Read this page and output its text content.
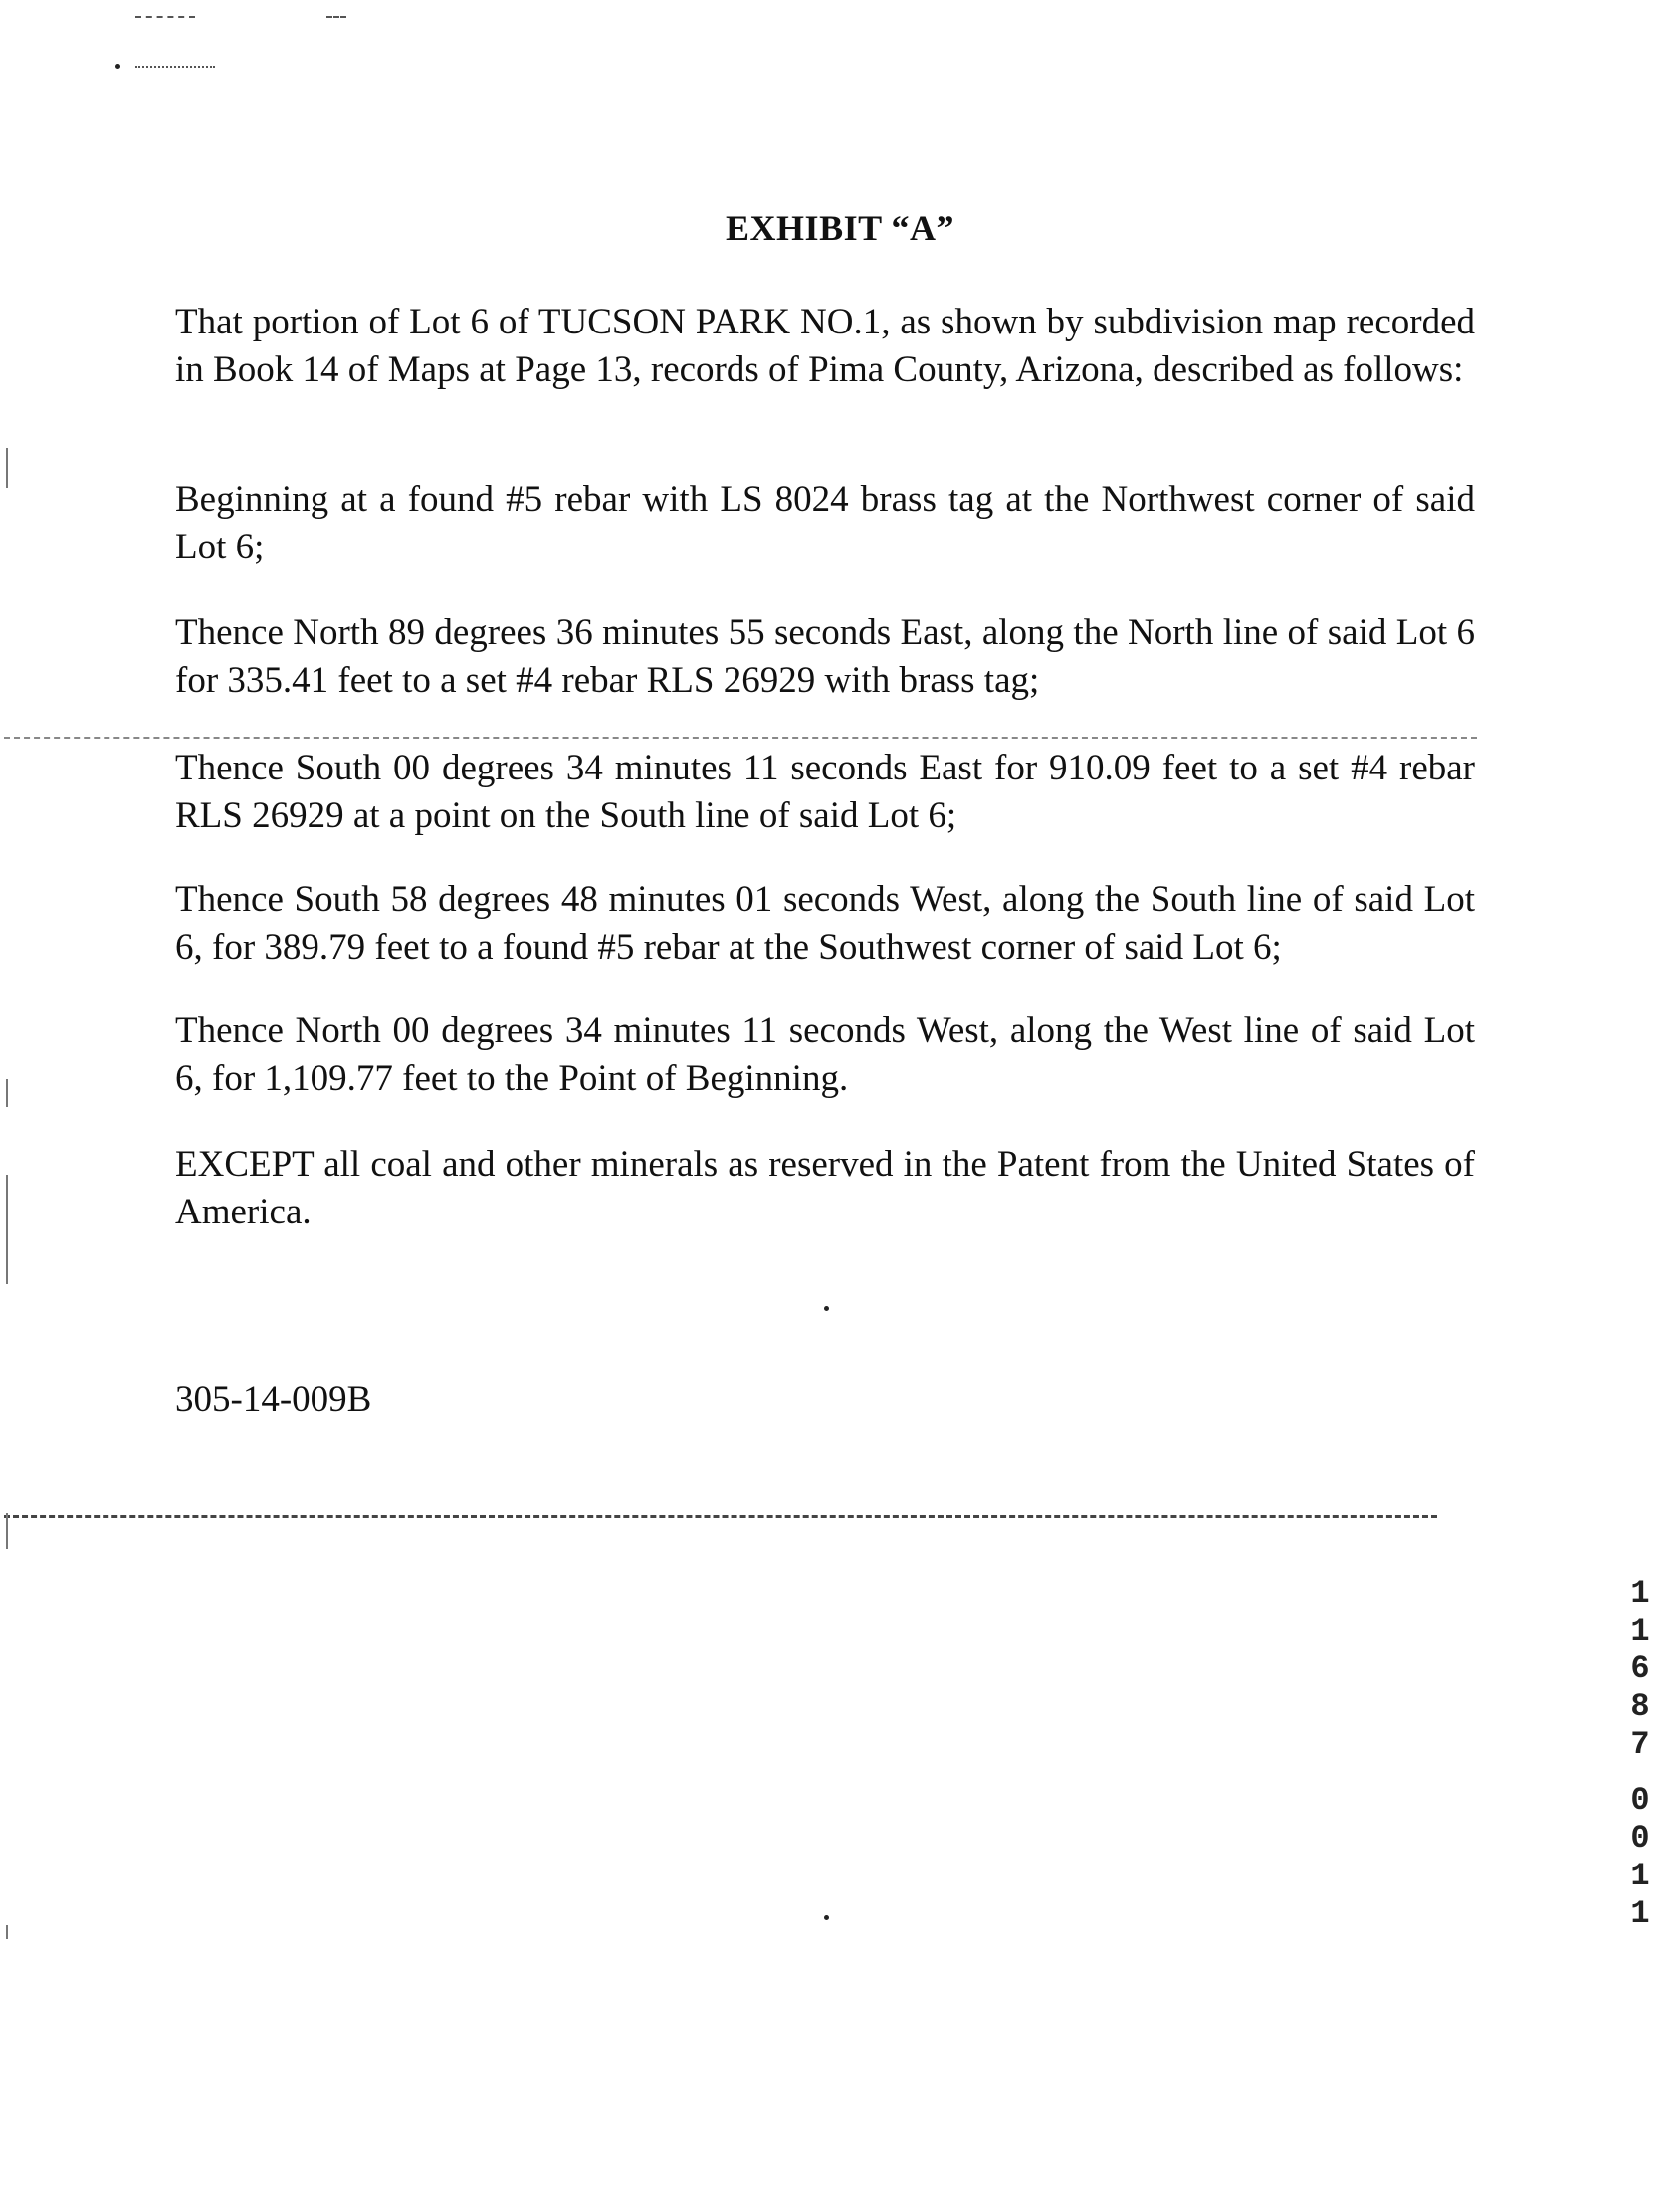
EXHIBIT “A”
That portion of Lot 6 of TUCSON PARK NO.1, as shown by subdivision map recorded in Book 14 of Maps at Page 13, records of Pima County, Arizona, described as follows:
Beginning at a found #5 rebar with LS 8024 brass tag at the Northwest corner of said Lot 6;
Thence North 89 degrees 36 minutes 55 seconds East, along the North line of said Lot 6 for 335.41 feet to a set #4 rebar RLS 26929 with brass tag;
Thence South 00 degrees 34 minutes 11 seconds East for 910.09 feet to a set #4 rebar RLS 26929 at a point on the South line of said Lot 6;
Thence South 58 degrees 48 minutes 01 seconds West, along the South line of said Lot 6, for 389.79 feet to a found #5 rebar at the Southwest corner of said Lot 6;
Thence North 00 degrees 34 minutes 11 seconds West, along the West line of said Lot 6, for 1,109.77 feet to the Point of Beginning.
EXCEPT all coal and other minerals as reserved in the Patent from the United States of America.
305-14-009B
1
1
6
8
7
0
0
1
1
